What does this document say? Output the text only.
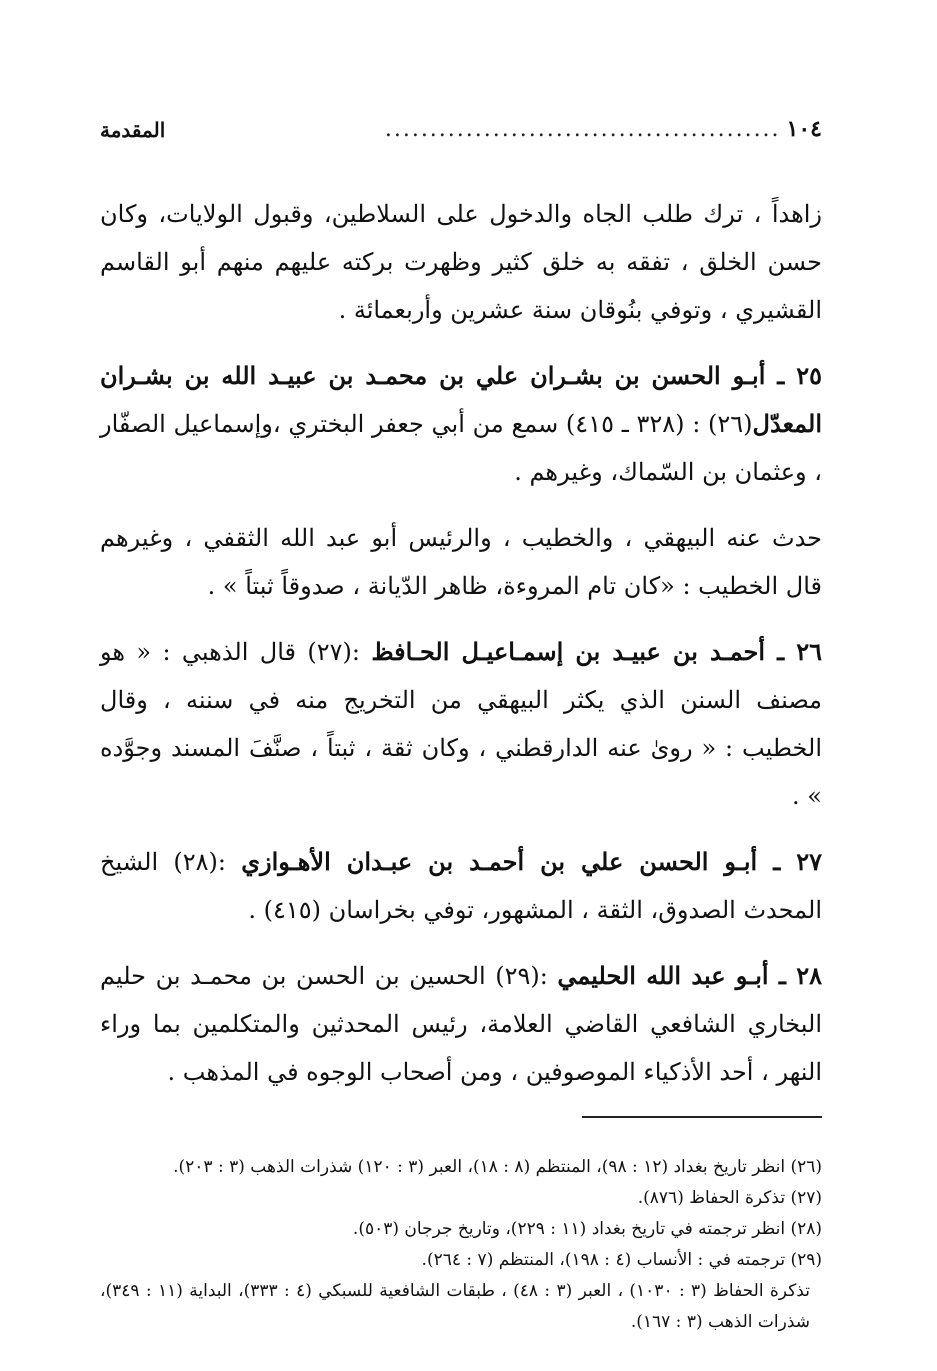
١٠٤
............................................
المقدمة

زاهداً ، ترك طلب الجاه والدخول على السلاطين، وقبول الولايات، وكان حسن الخلق ، تفقه به خلق كثير وظهرت بركته عليهم منهم أبو القاسم القشيري ، وتوفي بنُوقان سنة عشرين وأربعمائة .

٢٥ ـ أبـو الحسن بن بشـران علي بن محمـد بن عبيـد الله بن بشـران المعدّل(٢٦) : (٣٢٨ ـ ٤١٥) سمع من أبي جعفر البختري ،وإسماعيل الصفّار ، وعثمان بن السّماك، وغيرهم .

حدث عنه البيهقي ، والخطيب ، والرئيس أبو عبد الله الثقفي ، وغيرهم قال الخطيب : «كان تام المروءة، ظاهر الدّيانة ، صدوقاً ثبتاً » .

٢٦ ـ أحمـد بن عبيـد بن إسمـاعيـل الحـافظ :(٢٧) قال الذهبي : « هو مصنف السنن الذي يكثر البيهقي من التخريج منه في سننه ، وقال الخطيب : « روىٰ عنه الدارقطني ، وكان ثقة ، ثبتاً ، صنَّفَ المسند وجوَّده » .

٢٧ ـ أبـو الحسن علي بن أحمـد بن عبـدان الأهـوازي :(٢٨) الشيخ المحدث الصدوق، الثقة ، المشهور، توفي بخراسان (٤١٥) .

٢٨ ـ أبـو عبد الله الحليمي :(٢٩) الحسين بن الحسن بن محمـد بن حليم البخاري الشافعي القاضي العلامة، رئيس المحدثين والمتكلمين بما وراء النهر ، أحد الأذكياء الموصوفين ، ومن أصحاب الوجوه في المذهب .

(٢٦) انظر تاريخ بغداد (١٢ : ٩٨)، المنتظم (٨ : ١٨)، العبر (٣ : ١٢٠) شذرات الذهب (٣ : ٢٠٣).

(٢٧) تذكرة الحفاظ (٨٧٦).

(٢٨) انظر ترجمته في تاريخ بغداد (١١ : ٢٢٩)، وتاريخ جرجان (٥٠٣).

(٢٩) ترجمته في : الأنساب (٤ : ١٩٨)، المنتظم (٧ : ٢٦٤).

تذكرة الحفاظ (٣ : ١٠٣٠) ، العبر (٣ : ٤٨) ، طبقات الشافعية للسبكي (٤ : ٣٣٣)، البداية (١١ : ٣٤٩)، شذرات الذهب (٣ : ١٦٧).
